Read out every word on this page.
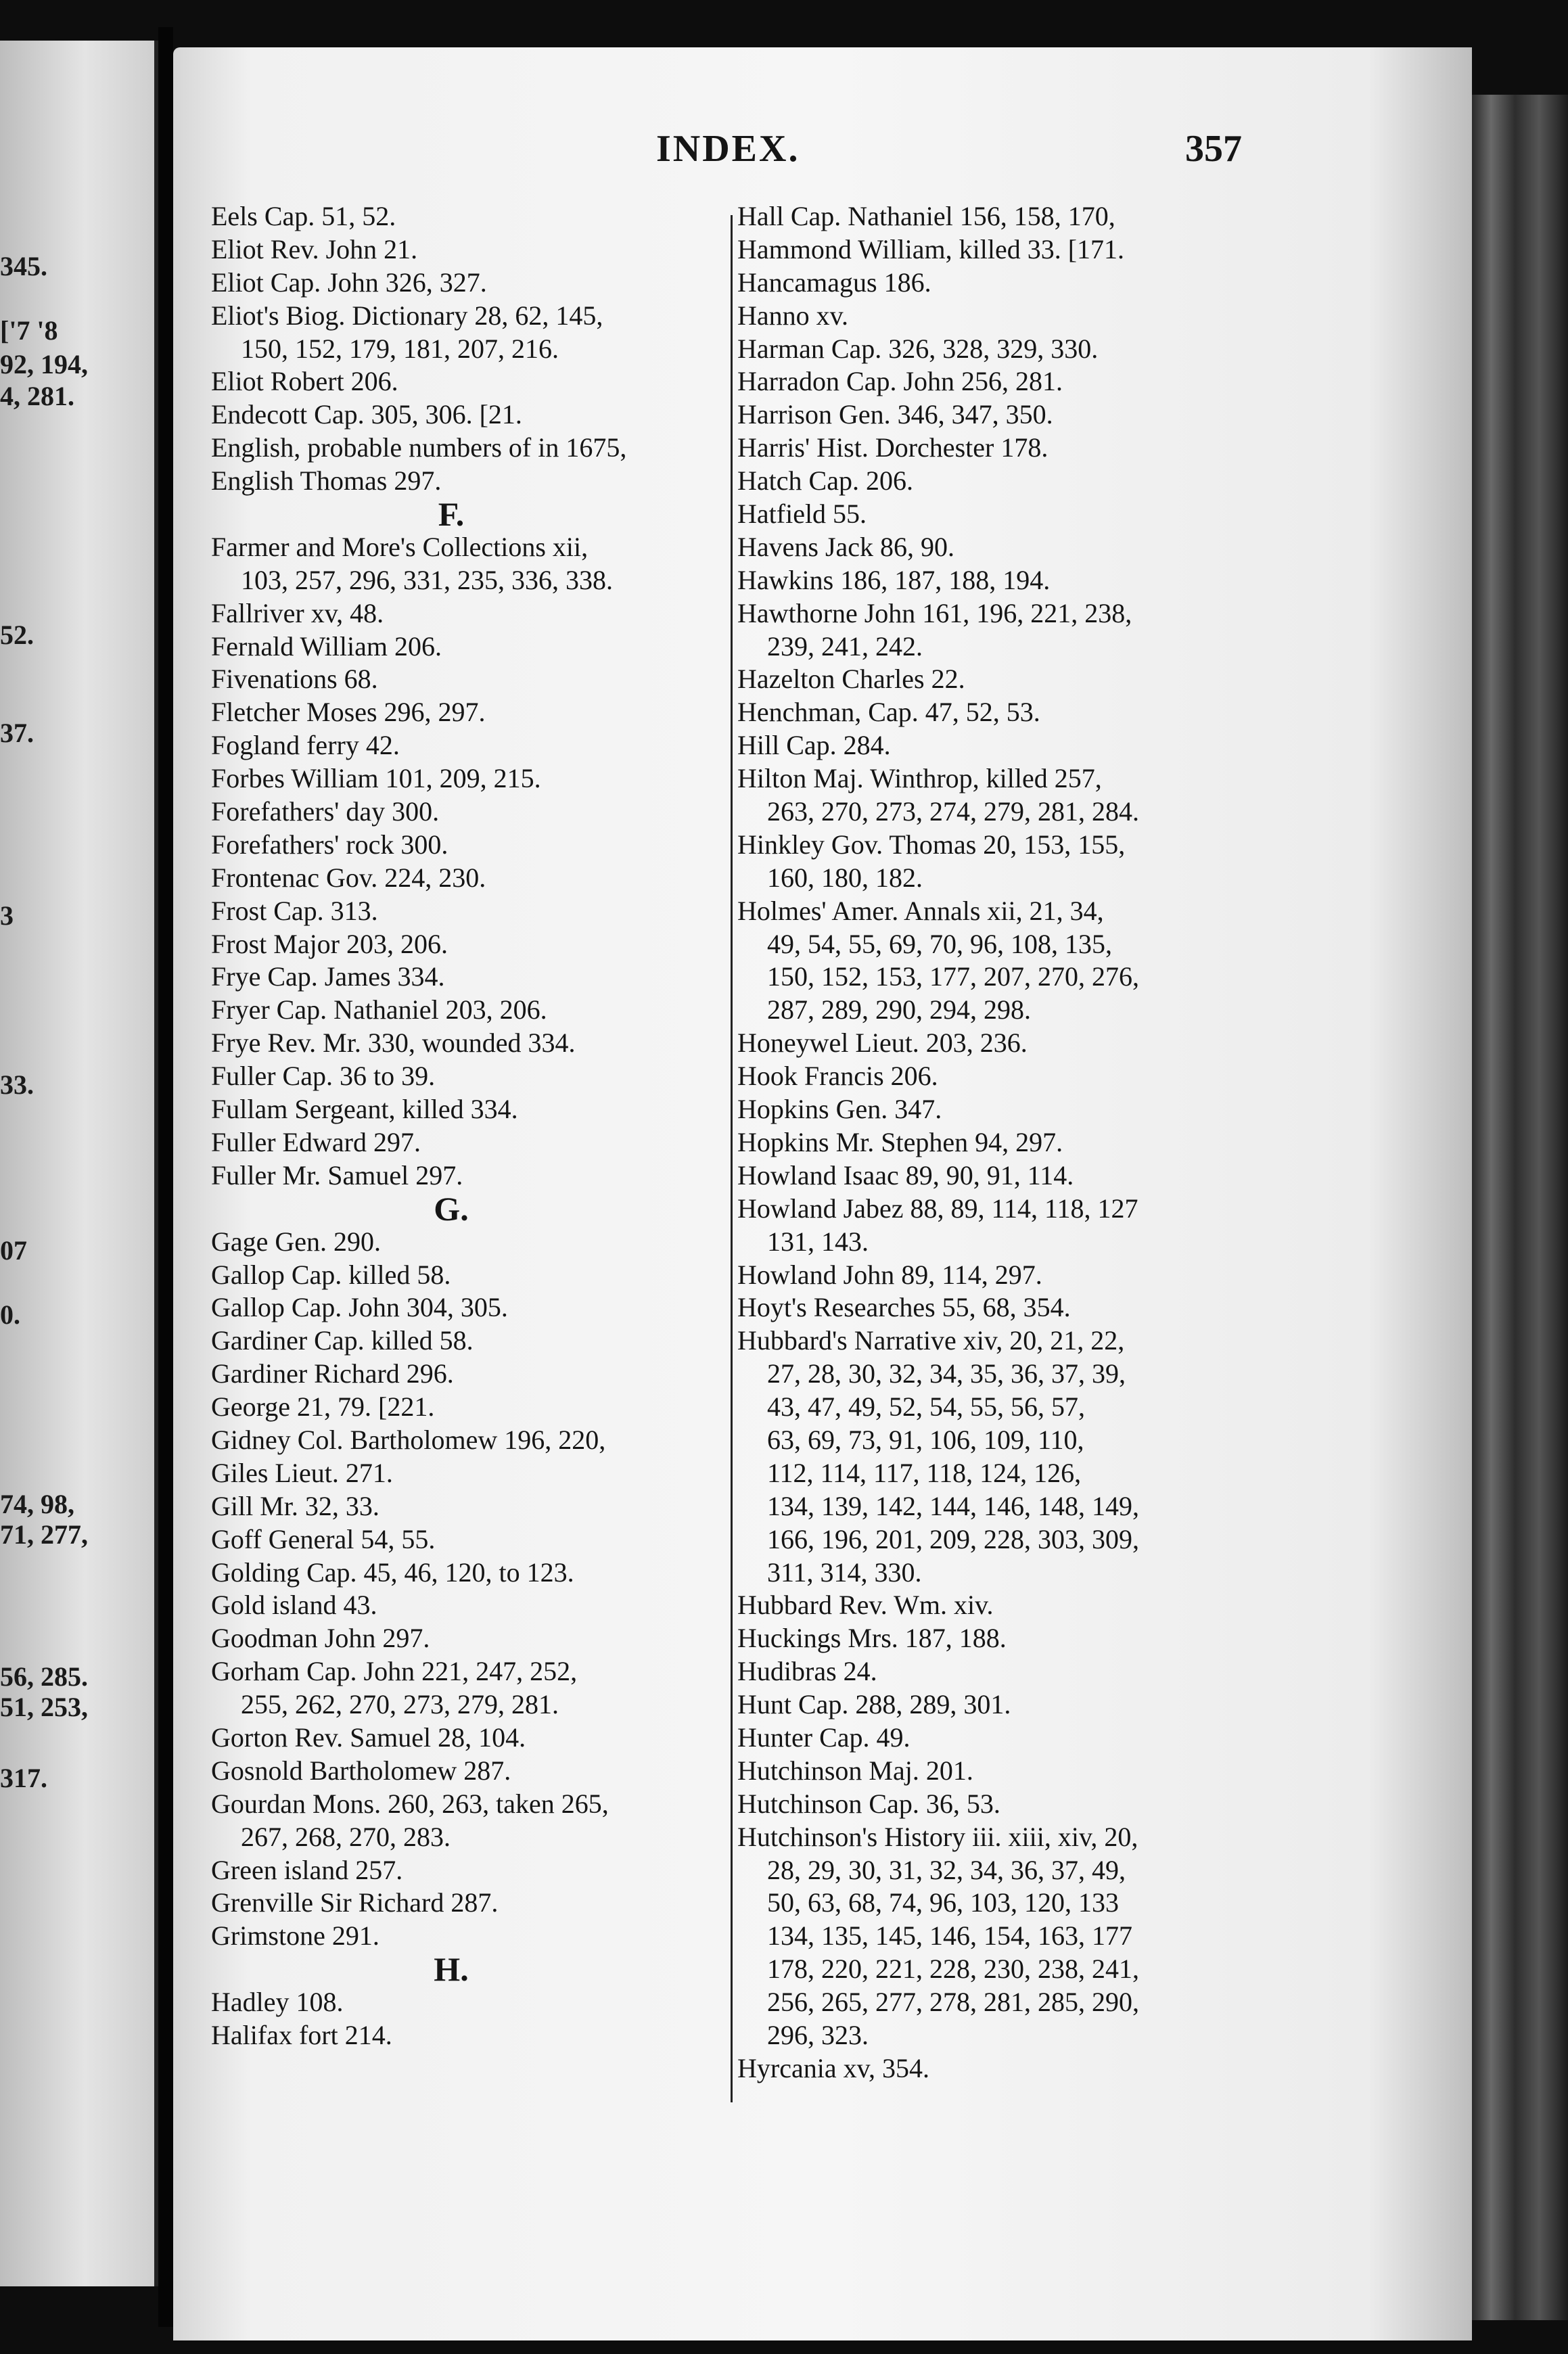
345.
['7 '8
92, 194,
4, 281.
52.
37.
3
33.
07
0.
74, 98,
71, 277,
56, 285.
51, 253,
317.
INDEX.	357
Eels Cap. 51, 52.
Eliot Rev. John 21.
Eliot Cap. John 326, 327.
Eliot's Biog. Dictionary 28, 62, 145,
150, 152, 179, 181, 207, 216.
Eliot Robert 206.
Endecott Cap. 305, 306. [21.
English, probable numbers of in 1675,
English Thomas 297.
F.
Farmer and More's Collections xii,
103, 257, 296, 331, 235, 336, 338.
Fallriver xv, 48.
Fernald William 206.
Fivenations 68.
Fletcher Moses 296, 297.
Fogland ferry 42.
Forbes William 101, 209, 215.
Forefathers' day 300.
Forefathers' rock 300.
Frontenac Gov. 224, 230.
Frost Cap. 313.
Frost Major 203, 206.
Frye Cap. James 334.
Fryer Cap. Nathaniel 203, 206.
Frye Rev. Mr. 330, wounded 334.
Fuller Cap. 36 to 39.
Fullam Sergeant, killed 334.
Fuller Edward 297.
Fuller Mr. Samuel 297.
G.
Gage Gen. 290.
Gallop Cap. killed 58.
Gallop Cap. John 304, 305.
Gardiner Cap. killed 58.
Gardiner Richard 296.
George 21, 79. [221.
Gidney Col. Bartholomew 196, 220,
Giles Lieut. 271.
Gill Mr. 32, 33.
Goff General 54, 55.
Golding Cap. 45, 46, 120, to 123.
Gold island 43.
Goodman John 297.
Gorham Cap. John 221, 247, 252,
255, 262, 270, 273, 279, 281.
Gorton Rev. Samuel 28, 104.
Gosnold Bartholomew 287.
Gourdan Mons. 260, 263, taken 265,
267, 268, 270, 283.
Green island 257.
Grenville Sir Richard 287.
Grimstone 291.
H.
Hadley 108.
Halifax fort 214.
Hall Cap. Nathaniel 156, 158, 170,
Hammond William, killed 33. [171.
Hancamagus 186.
Hanno xv.
Harman Cap. 326, 328, 329, 330.
Harradon Cap. John 256, 281.
Harrison Gen. 346, 347, 350.
Harris' Hist. Dorchester 178.
Hatch Cap. 206.
Hatfield 55.
Havens Jack 86, 90.
Hawkins 186, 187, 188, 194.
Hawthorne John 161, 196, 221, 238,
239, 241, 242.
Hazelton Charles 22.
Henchman, Cap. 47, 52, 53.
Hill Cap. 284.
Hilton Maj. Winthrop, killed 257,
263, 270, 273, 274, 279, 281, 284.
Hinkley Gov. Thomas 20, 153, 155,
160, 180, 182.
Holmes' Amer. Annals xii, 21, 34,
49, 54, 55, 69, 70, 96, 108, 135,
150, 152, 153, 177, 207, 270, 276,
287, 289, 290, 294, 298.
Honeywel Lieut. 203, 236.
Hook Francis 206.
Hopkins Gen. 347.
Hopkins Mr. Stephen 94, 297.
Howland Isaac 89, 90, 91, 114.
Howland Jabez 88, 89, 114, 118, 127
131, 143.
Howland John 89, 114, 297.
Hoyt's Researches 55, 68, 354.
Hubbard's Narrative xiv, 20, 21, 22,
27, 28, 30, 32, 34, 35, 36, 37, 39,
43, 47, 49, 52, 54, 55, 56, 57,
63, 69, 73, 91, 106, 109, 110,
112, 114, 117, 118, 124, 126,
134, 139, 142, 144, 146, 148, 149,
166, 196, 201, 209, 228, 303, 309,
311, 314, 330.
Hubbard Rev. Wm. xiv.
Huckings Mrs. 187, 188.
Hudibras 24.
Hunt Cap. 288, 289, 301.
Hunter Cap. 49.
Hutchinson Maj. 201.
Hutchinson Cap. 36, 53.
Hutchinson's History iii. xiii, xiv, 20,
28, 29, 30, 31, 32, 34, 36, 37, 49,
50, 63, 68, 74, 96, 103, 120, 133
134, 135, 145, 146, 154, 163, 177
178, 220, 221, 228, 230, 238, 241,
256, 265, 277, 278, 281, 285, 290,
296, 323.
Hyrcania xv, 354.
